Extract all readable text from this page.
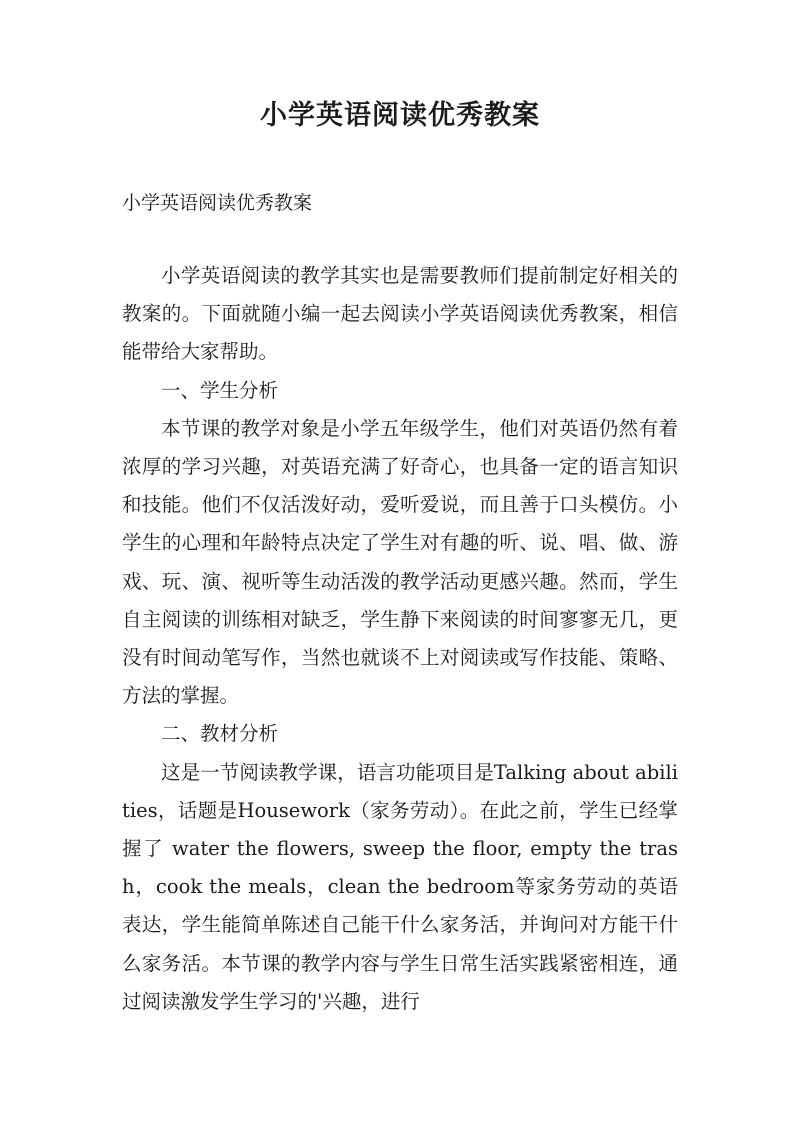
小学英语阅读优秀教案
小学英语阅读优秀教案

小学英语阅读的教学其实也是需要教师们提前制定好相关的教案的。下面就随小编一起去阅读小学英语阅读优秀教案，相信能带给大家帮助。

一、学生分析

本节课的教学对象是小学五年级学生，他们对英语仍然有着浓厚的学习兴趣，对英语充满了好奇心，也具备一定的语言知识和技能。他们不仅活泼好动，爱听爱说，而且善于口头模仿。小学生的心理和年龄特点决定了学生对有趣的听、说、唱、做、游戏、玩、演、视听等生动活泼的教学活动更感兴趣。然而，学生自主阅读的训练相对缺乏，学生静下来阅读的时间寥寥无几，更没有时间动笔写作，当然也就谈不上对阅读或写作技能、策略、方法的掌握。

二、教材分析

这是一节阅读教学课，语言功能项目是Talking about abilities，话题是Housework（家务劳动）。在此之前，学生已经掌握了 water the flowers, sweep the floor, empty the trash，cook the meals，clean the bedroom等家务劳动的英语表达，学生能简单陈述自己能干什么家务活，并询问对方能干什么家务活。本节课的教学内容与学生日常生活实践紧密相连，通过阅读激发学生学习的'兴趣，进行
